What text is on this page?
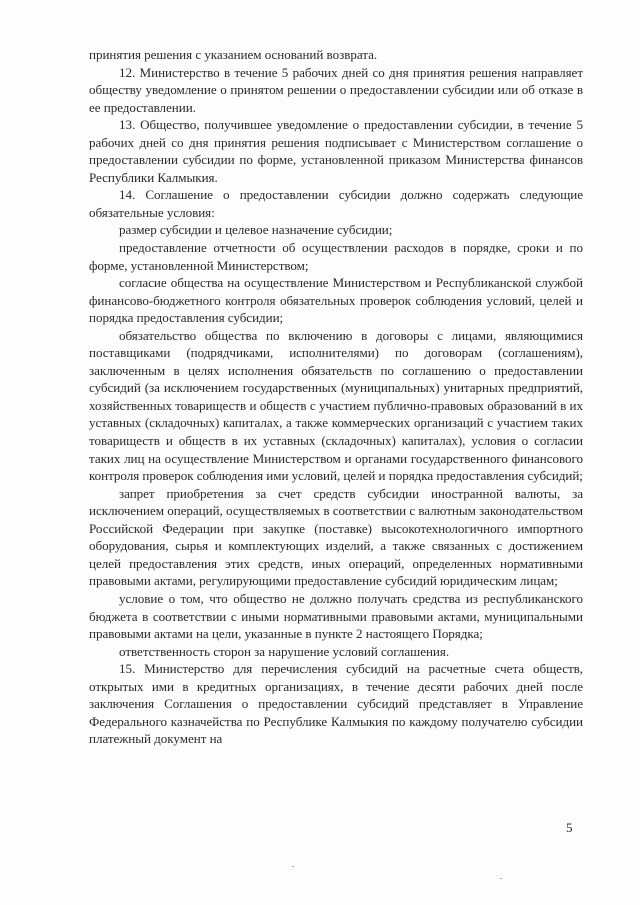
принятия решения с указанием оснований возврата.

12. Министерство в течение 5 рабочих дней со дня принятия решения направляет обществу уведомление о принятом решении о предоставлении субсидии или об отказе в ее предоставлении.

13. Общество, получившее уведомление о предоставлении субсидии, в течение 5 рабочих дней со дня принятия решения подписывает с Министерством соглашение о предоставлении субсидии по форме, установленной приказом Министерства финансов Республики Калмыкия.

14. Соглашение о предоставлении субсидии должно содержать следующие обязательные условия:

размер субсидии и целевое назначение субсидии;

предоставление отчетности об осуществлении расходов в порядке, сроки и по форме, установленной Министерством;

согласие общества на осуществление Министерством и Республиканской службой финансово-бюджетного контроля обязательных проверок соблюдения условий, целей и порядка предоставления субсидии;

обязательство общества по включению в договоры с лицами, являющимися поставщиками (подрядчиками, исполнителями) по договорам (соглашениям), заключенным в целях исполнения обязательств по соглашению о предоставлении субсидий (за исключением государственных (муниципальных) унитарных предприятий, хозяйственных товариществ и обществ с участием публично-правовых образований в их уставных (складочных) капиталах, а также коммерческих организаций с участием таких товариществ и обществ в их уставных (складочных) капиталах), условия о согласии таких лиц на осуществление Министерством и органами государственного финансового контроля проверок соблюдения ими условий, целей и порядка предоставления субсидий;

запрет приобретения за счет средств субсидии иностранной валюты, за исключением операций, осуществляемых в соответствии с валютным законодательством Российской Федерации при закупке (поставке) высокотехнологичного импортного оборудования, сырья и комплектующих изделий, а также связанных с достижением целей предоставления этих средств, иных операций, определенных нормативными правовыми актами, регулирующими предоставление субсидий юридическим лицам;

условие о том, что общество не должно получать средства из республиканского бюджета в соответствии с иными нормативными правовыми актами, муниципальными правовыми актами на цели, указанные в пункте 2 настоящего Порядка;

ответственность сторон за нарушение условий соглашения.

15. Министерство для перечисления субсидий на расчетные счета обществ, открытых ими в кредитных организациях, в течение десяти рабочих дней после заключения Соглашения о предоставлении субсидий представляет в Управление Федерального казначейства по Республике Калмыкия по каждому получателю субсидии платежный документ на

5
